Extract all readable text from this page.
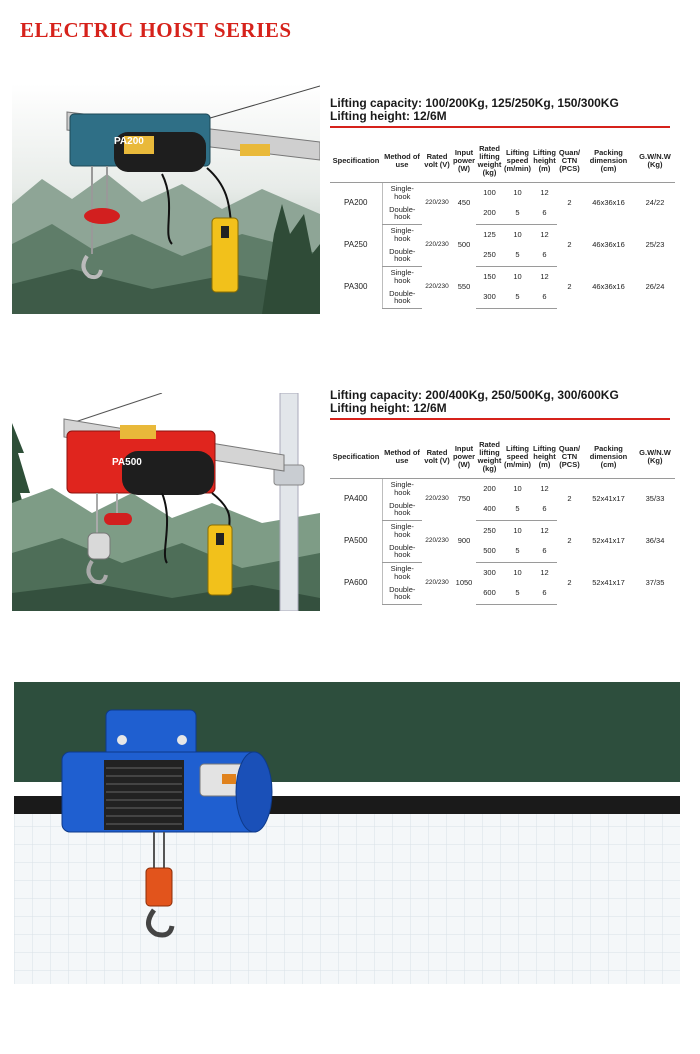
ELECTRIC HOIST SERIES
PA200
Lifting capacity: 100/200Kg, 125/250Kg, 150/300KG
Lifting height: 12/6M
Specification	Method of use	Rated volt (V)	Input power (W)	Rated lifting weight (kg)	Lifting speed (m/min)	Lifting height (m)	Quan/ CTN (PCS)	Packing dimension (cm)	G.W/N.W (Kg)
PA200	Single-hook	220/230	450	100	10	12	2	46x36x16	24/22
	Double-hook			200	5	6			
PA250	Single-hook	220/230	500	125	10	12	2	46x36x16	25/23
	Double-hook			250	5	6			
PA300	Single-hook	220/230	550	150	10	12	2	46x36x16	26/24
	Double-hook			300	5	6			
PA500
Lifting capacity: 200/400Kg, 250/500Kg, 300/600KG
Lifting height: 12/6M
Specification	Method of use	Rated volt (V)	Input power (W)	Rated lifting weight (kg)	Lifting speed (m/min)	Lifting height (m)	Quan/ CTN (PCS)	Packing dimension (cm)	G.W/N.W (Kg)
PA400	Single-hook	220/230	750	200	10	12	2	52x41x17	35/33
	Double-hook			400	5	6			
PA500	Single-hook	220/230	900	250	10	12	2	52x41x17	36/34
	Double-hook			500	5	6			
PA600	Single-hook	220/230	1050	300	10	12	2	52x41x17	37/35
	Double-hook			600	5	6			
